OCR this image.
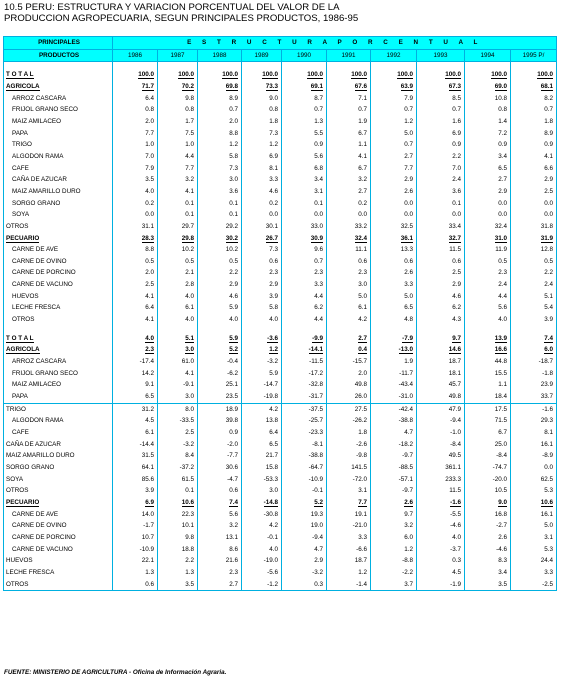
10.5 PERU: ESTRUCTURA Y VARIACION PORCENTUAL DEL VALOR DE LA
PRODUCCION AGROPECUARIA, SEGUN PRINCIPALES PRODUCTOS, 1986-95
PRINCIPALES	E S T R U C T U R A P O R C E N T U A L									
PRODUCTOS	1986	1987	1988	1989	1990	1991	1992	1993	1994	1995 P/

T O T A L	100.0	100.0	100.0	100.0	100.0	100.0	100.0	100.0	100.0	100.0
AGRICOLA	71.7	70.2	69.8	73.3	69.1	67.6	63.9	67.3	69.0	68.1
ARROZ CASCARA	6.4	9.8	8.9	9.0	8.7	7.1	7.9	8.5	10.8	8.2
FRIJOL GRANO SECO	0.8	0.8	0.7	0.8	0.7	0.7	0.7	0.7	0.8	0.7
MAIZ AMILACEO	2.0	1.7	2.0	1.8	1.3	1.9	1.2	1.6	1.4	1.8
PAPA	7.7	7.5	8.8	7.3	5.5	6.7	5.0	6.9	7.2	8.9
TRIGO	1.0	1.0	1.2	1.2	0.9	1.1	0.7	0.9	0.9	0.9
ALGODON RAMA	7.0	4.4	5.8	6.9	5.6	4.1	2.7	2.2	3.4	4.1
CAFE	7.9	7.7	7.3	8.1	6.8	6.7	7.7	7.0	6.5	6.6
CAÑA DE AZUCAR	3.5	3.2	3.0	3.3	3.4	3.2	2.9	2.4	2.7	2.9
MAIZ AMARILLO DURO	4.0	4.1	3.6	4.6	3.1	2.7	2.6	3.6	2.9	2.5
SORGO GRANO	0.2	0.1	0.1	0.2	0.1	0.2	0.0	0.1	0.0	0.0
SOYA	0.0	0.1	0.1	0.0	0.0	0.0	0.0	0.0	0.0	0.0
OTROS	31.1	29.7	29.2	30.1	33.0	33.2	32.5	33.4	32.4	31.8
PECUARIO	28.3	29.8	30.2	26.7	30.9	32.4	36.1	32.7	31.0	31.9
CARNE DE AVE	8.8	10.2	10.2	7.3	9.6	11.1	13.3	11.5	11.9	12.8
CARNE DE OVINO	0.5	0.5	0.5	0.6	0.7	0.6	0.6	0.6	0.5	0.5
CARNE DE PORCINO	2.0	2.1	2.2	2.3	2.3	2.3	2.6	2.5	2.3	2.2
CARNE DE VACUNO	2.5	2.8	2.9	2.9	3.3	3.0	3.3	2.9	2.4	2.4
HUEVOS	4.1	4.0	4.6	3.9	4.4	5.0	5.0	4.6	4.4	5.1
LECHE FRESCA	6.4	6.1	5.9	5.8	6.2	6.1	6.5	6.2	5.6	5.4
OTROS	4.1	4.0	4.0	4.0	4.4	4.2	4.8	4.3	4.0	3.9

T O T A L	4.0	5.1	5.9	-3.6	-9.9	2.7	-7.9	9.7	13.9	7.4
AGRICOLA	2.3	3.0	5.2	1.2	-14.1	0.4	-13.0	14.6	16.6	6.0
ARROZ CASCARA	-17.4	61.0	-0.4	-3.2	-11.5	-15.7	1.9	18.7	44.8	-18.7
FRIJOL GRANO SECO	14.2	4.1	-6.2	5.9	-17.2	2.0	-11.7	18.1	15.5	-1.8
MAIZ AMILACEO	9.1	-9.1	25.1	-14.7	-32.8	49.8	-43.4	45.7	1.1	23.9
PAPA	6.5	3.0	23.5	-19.8	-31.7	26.0	-31.0	49.8	18.4	33.7
TRIGO	31.2	8.0	18.9	4.2	-37.5	27.5	-42.4	47.9	17.5	-1.6
ALGODON RAMA	4.5	-33.5	39.8	13.8	-25.7	-26.2	-38.8	-9.4	71.5	29.3
CAFE	6.1	2.5	0.9	6.4	-23.3	1.8	4.7	-1.0	6.7	8.1
CAÑA DE AZUCAR	-14.4	-3.2	-2.0	6.5	-8.1	-2.6	-18.2	-8.4	25.0	16.1
MAIZ AMARILLO DURO	31.5	8.4	-7.7	21.7	-38.8	-9.8	-9.7	49.5	-8.4	-8.9
SORGO GRANO	64.1	-37.2	30.6	15.8	-64.7	141.5	-88.5	361.1	-74.7	0.0
SOYA	85.6	61.5	-4.7	-53.3	-10.9	-72.0	-57.1	233.3	-20.0	62.5
OTROS	3.9	0.1	0.6	3.0	-0.1	3.1	-9.7	11.5	10.5	5.3
PECUARIO	6.9	10.6	7.4	-14.8	5.2	7.7	2.6	-1.6	9.0	10.6
CARNE DE AVE	14.0	22.3	5.6	-30.8	19.3	19.1	9.7	-5.5	16.8	16.1
CARNE DE OVINO	-1.7	10.1	3.2	4.2	19.0	-21.0	3.2	-4.6	-2.7	5.0
CARNE DE PORCINO	10.7	9.8	13.1	-0.1	-9.4	3.3	6.0	4.0	2.6	3.1
CARNE DE VACUNO	-10.9	18.8	8.6	4.0	4.7	-6.6	1.2	-3.7	-4.6	5.3
HUEVOS	22.1	2.2	21.6	-19.0	2.9	18.7	-8.8	0.3	8.3	24.4
LECHE FRESCA	1.3	1.3	2.3	-5.6	-3.2	1.2	-2.2	4.5	3.4	3.3
OTROS	0.6	3.5	2.7	-1.2	0.3	-1.4	3.7	-1.9	3.5	-2.5
FUENTE: MINISTERIO DE AGRICULTURA - Oficina de Información Agraria.
